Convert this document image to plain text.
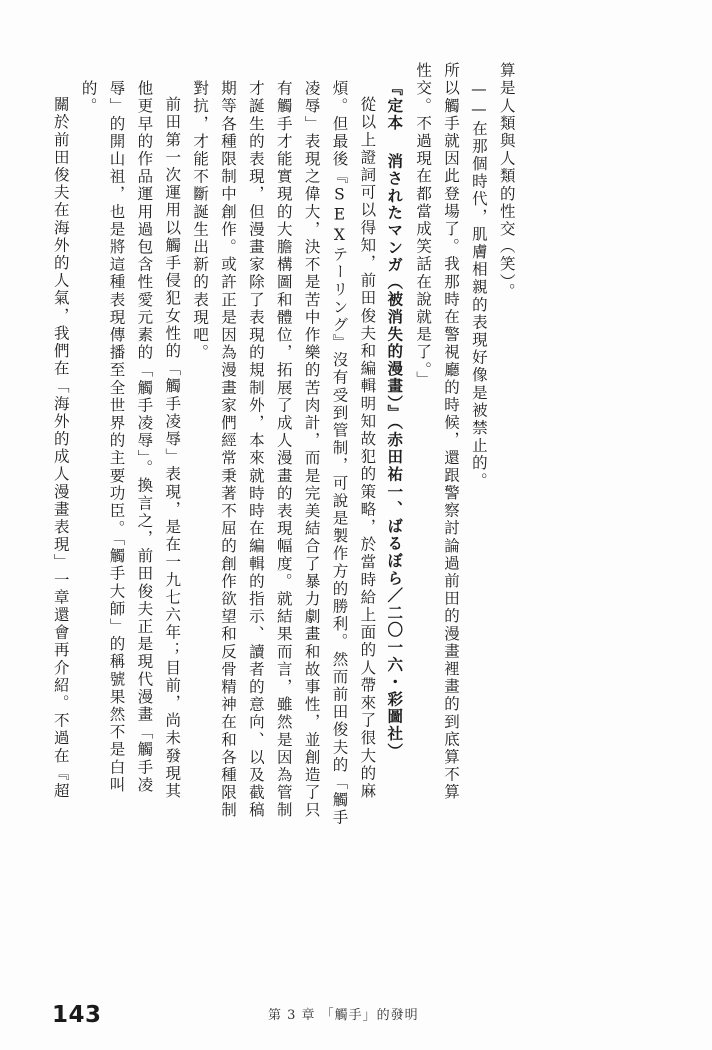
關於前田俊夫在海外的人氣，我們在「海外的成人漫畫表現」一章還會再介紹。不過在『超 的。 辱」的開山祖，也是將這種表現傳播至全世界的主要功臣。「觸手大師」的稱號果然不是白叫 他更早的作品運用過包含性愛元素的「觸手凌辱」。換言之，前田俊夫正是現代漫畫「觸手凌 前田第一次運用以觸手侵犯女性的「觸手凌辱」表現，是在一九七六年；目前，尚未發現其 對抗，才能不斷誕生出新的表現吧。 期等各種限制中創作。或許正是因為漫畫家們經常秉著不屈的創作欲望和反骨精神在和各種限制 才誕生的表現，但漫畫家除了表現的規制外，本來就時時在編輯的指示、讀者的意向、以及截稿 有觸手才能實現的大膽構圖和體位，拓展了成人漫畫的表現幅度。就結果而言，雖然是因為管制 凌辱」表現之偉大，決不是苦中作樂的苦肉計，而是完美結合了暴力劇畫和故事性，並創造了只 煩。但最後『SEXテーリング』沒有受到管制，可說是製作方的勝利。然而前田俊夫的「觸手 從以上證詞可以得知，前田俊夫和編輯明知故犯的策略，於當時給上面的人帶來了很大的麻 『定本 消されたマンガ（被消失的漫畫）』（赤田祐一、ばるぼら／二〇一六・彩圖社） 性交。不過現在都當成笑話在說就是了。」 所以觸手就因此登場了。我那時在警視廳的時候，還跟警察討論過前田的漫畫裡畫的到底算不算 ——在那個時代，肌膚相親的表現好像是被禁止的。 算是人類與人類的性交（笑）。
143	第 3 章 「觸手」的發明
